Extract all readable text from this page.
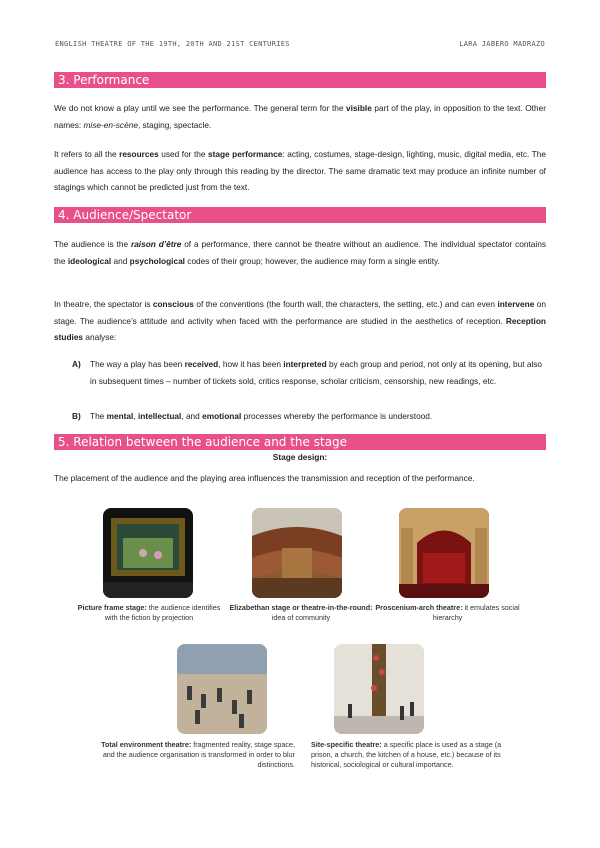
ENGLISH THEATRE OF THE 19TH, 20TH AND 21ST CENTURIES	LARA JABERO MADRAZO
3. Performance

We do not know a play until we see the performance. The general term for the visible part of the play, in opposition to the text. Other names: mise-en-scène, staging, spectacle.

It refers to all the resources used for the stage performance: acting, costumes, stage-design, lighting, music, digital media, etc. The audience has access to the play only through this reading by the director. The same dramatic text may produce an infinite number of stagings which cannot be predicted just from the text.

4. Audience/Spectator

The audience is the raison d’être of a performance, there cannot be theatre without an audience. The individual spectator contains the ideological and psychological codes of their group; however, the audience may form a single entity.

In theatre, the spectator is conscious of the conventions (the fourth wall, the characters, the setting, etc.) and can even intervene on stage. The audience’s attitude and activity when faced with the performance are studied in the aesthetics of reception. Reception studies analyse:

A)	The way a play has been received, how it has been interpreted by each group and period, not only at its opening, but also in subsequent times – number of tickets sold, critics response, scholar criticism, censorship, new readings, etc.
B)	The mental, intellectual, and emotional processes whereby the performance is understood.
5. Relation between the audience and the stage
Stage design:

The placement of the audience and the playing area influences the transmission and reception of the performance.

Picture frame stage: the audience identifies with the fiction by projection
Elizabethan stage or theatre-in-the-round: idea of community
Proscenium-arch theatre: it emulates social hierarchy
Total environment theatre: fragmented reality, stage space, and the audience organisation is transformed in order to blur distinctions.
Site-specific theatre: a specific place is used as a stage (a prison, a church, the kitchen of a house, etc.) because of its historical, sociological or cultural importance.
